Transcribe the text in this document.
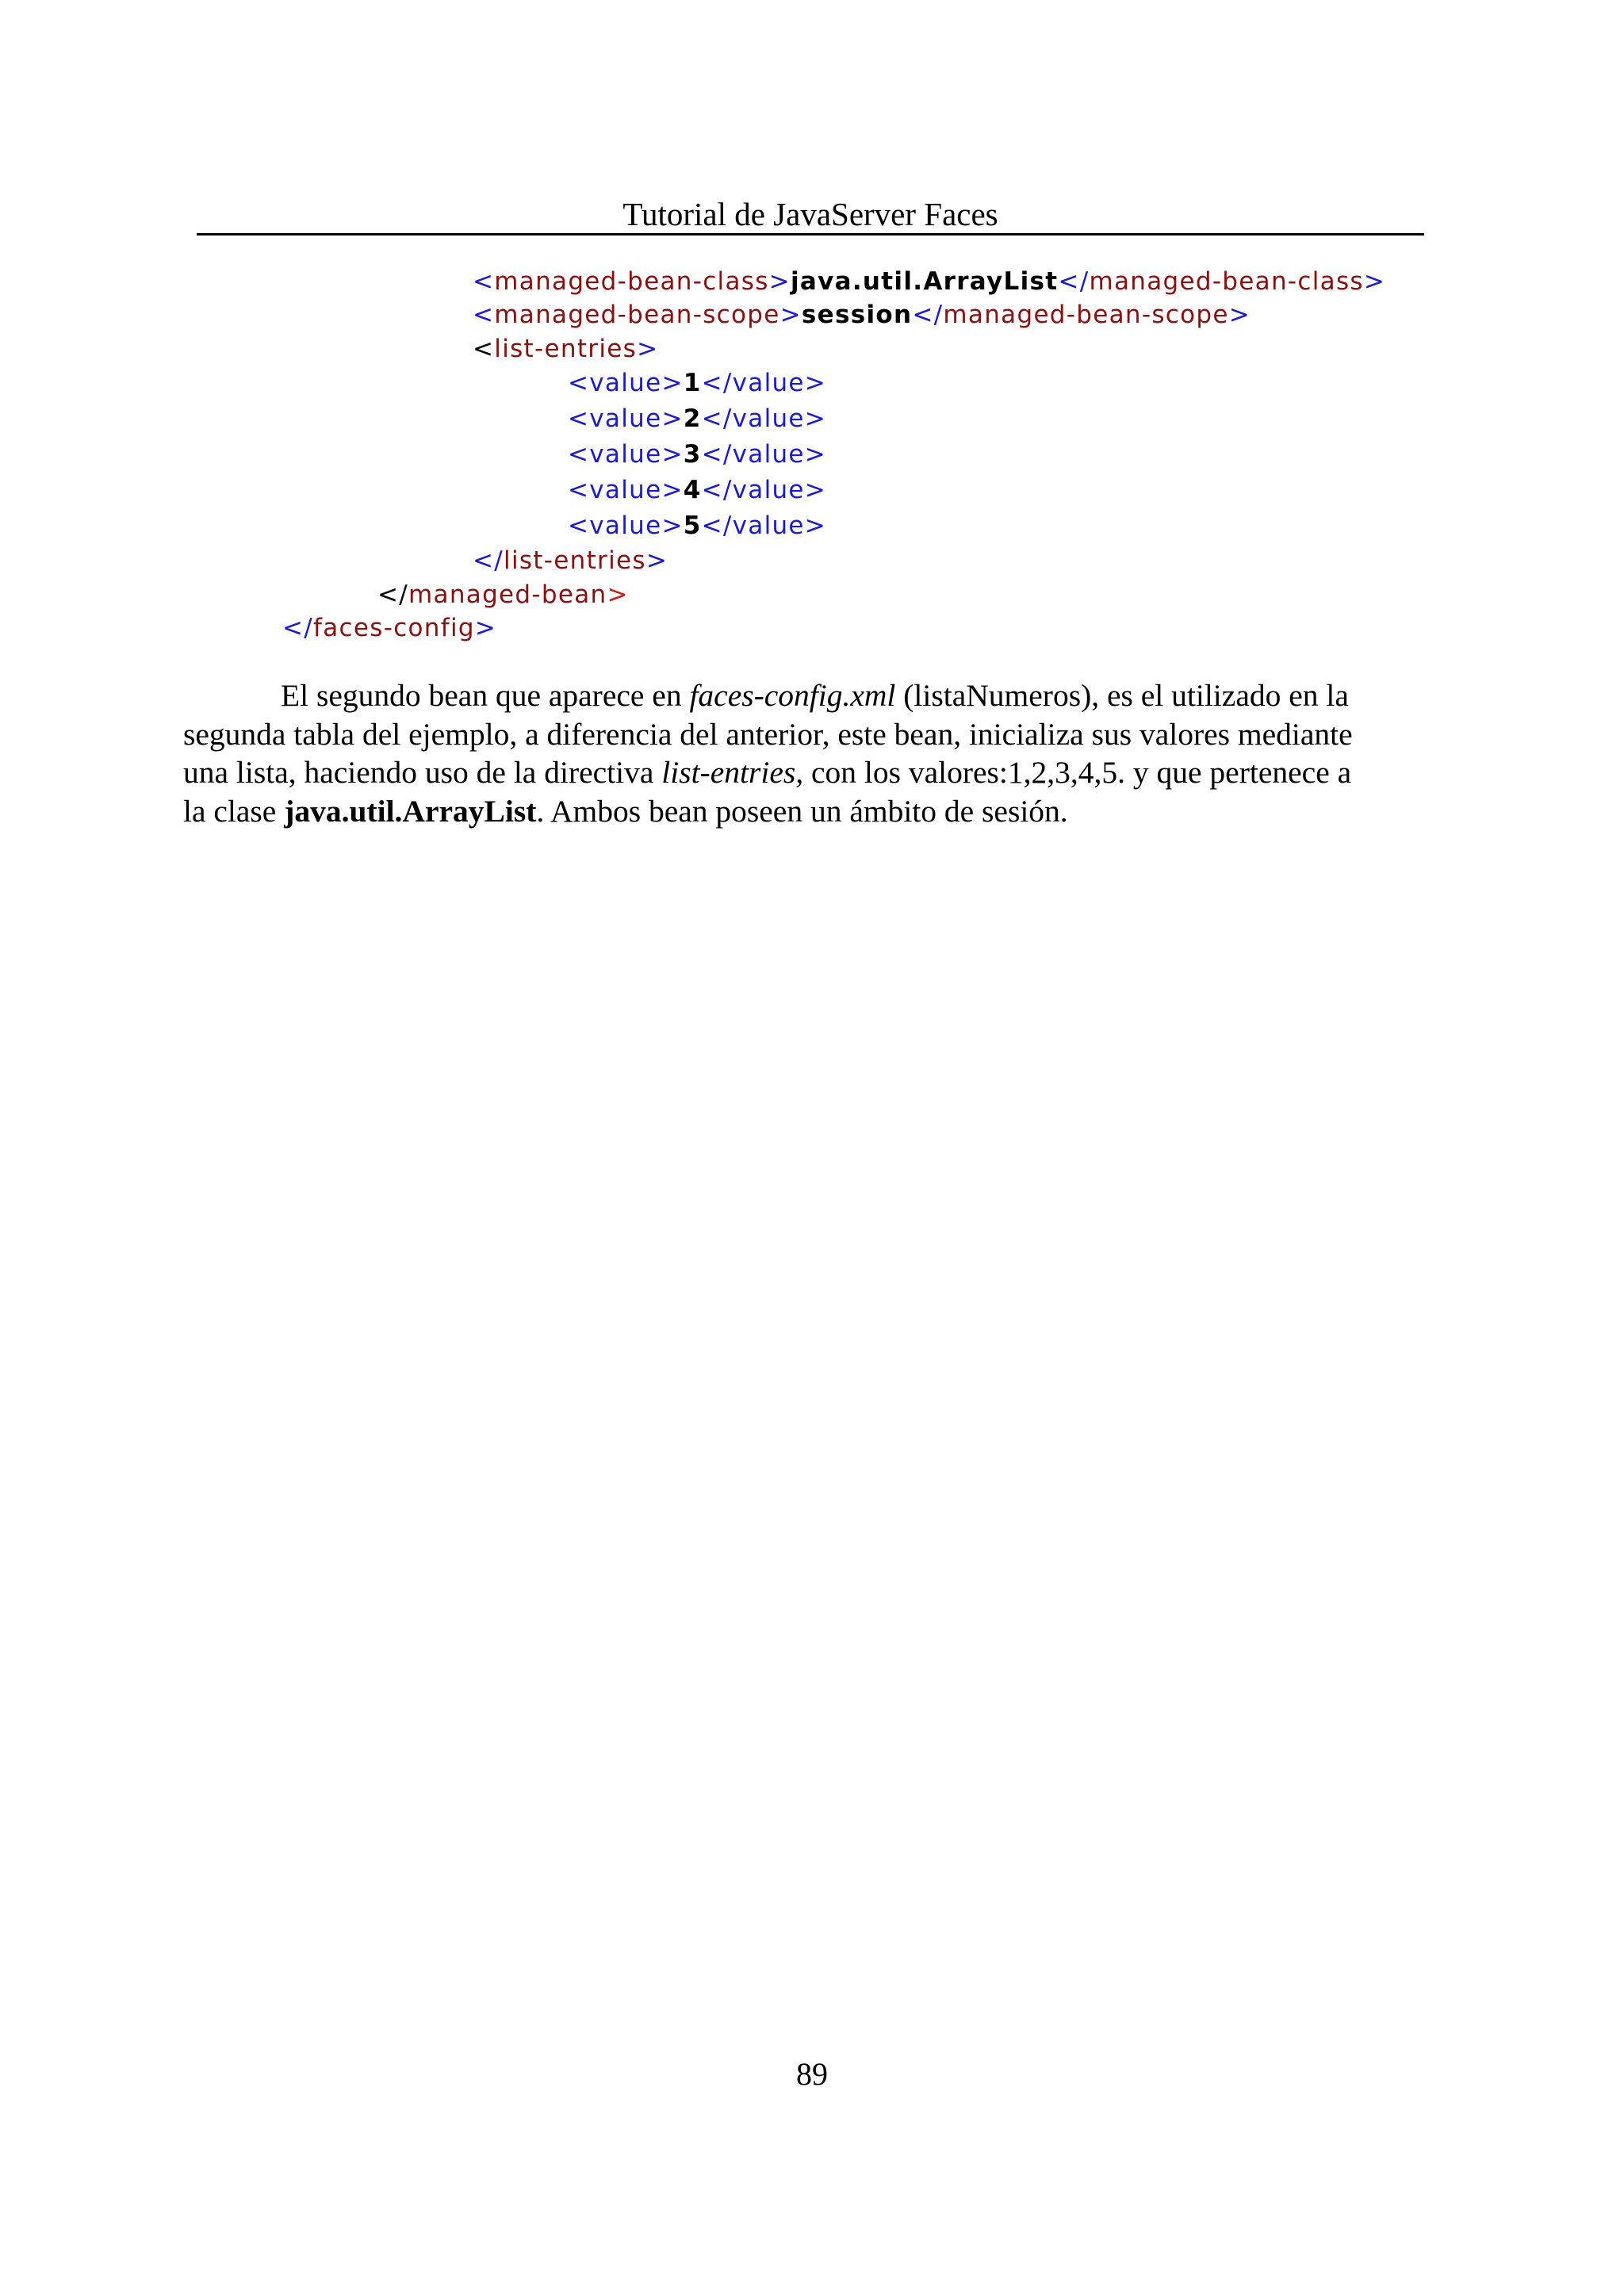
Tutorial de JavaServer Faces
<managed-bean-class>java.util.ArrayList</managed-bean-class>
<managed-bean-scope>session</managed-bean-scope>
<list-entries>
<value>1</value>
<value>2</value>
<value>3</value>
<value>4</value>
<value>5</value>
</list-entries>
</managed-bean>
</faces-config>
El segundo bean que aparece en faces-config.xml (listaNumeros), es el utilizado en la
segunda tabla del ejemplo, a diferencia del anterior, este bean, inicializa sus valores mediante
una lista, haciendo uso de la directiva list-entries, con los valores:1,2,3,4,5. y que pertenece a
la clase java.util.ArrayList. Ambos bean poseen un ámbito de sesión.
89
